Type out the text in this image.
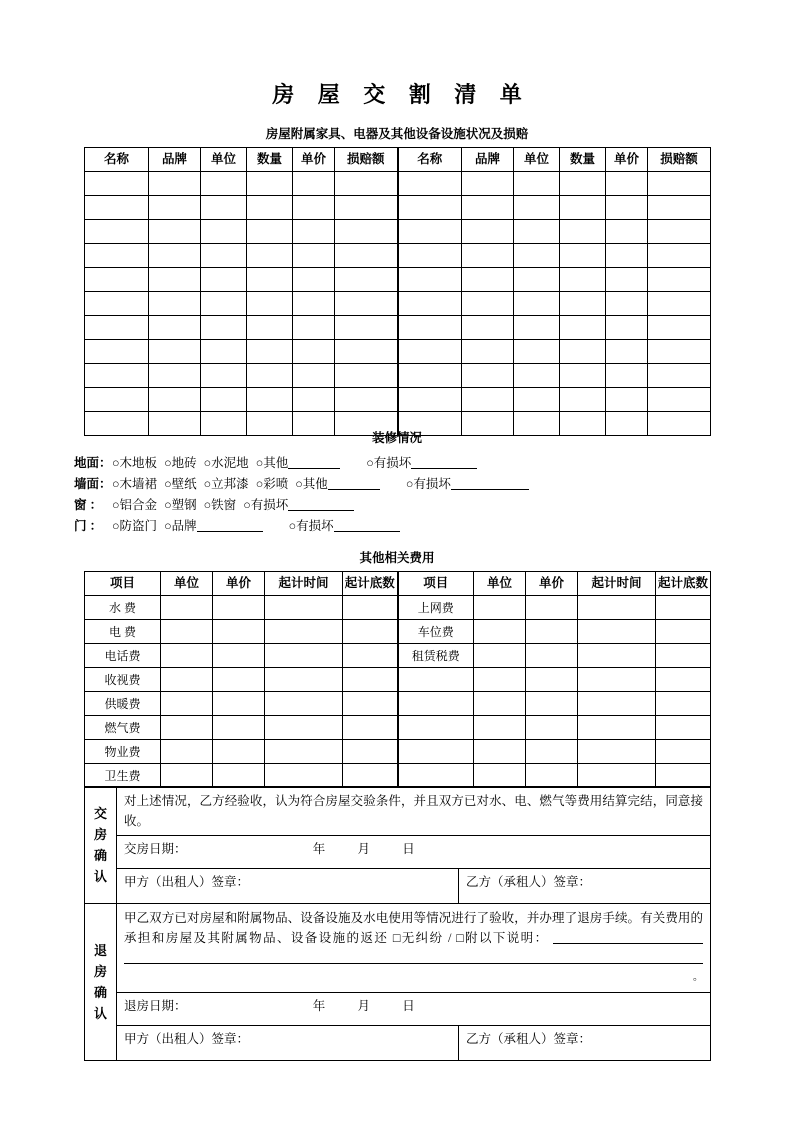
房 屋 交 割 清 单
房屋附属家具、电器及其他设备设施状况及损赔
名称	品牌	单位	数量	单价	损赔额	名称	品牌	单位	数量	单价	损赔额

装修情况
地面：○木地板 ○地砖 ○水泥地 ○其他	○有损坏
墙面：○木墙裙 ○壁纸 ○立邦漆 ○彩喷 ○其他	○有损坏
窗 ： ○铝合金 ○塑钢 ○铁窗 ○有损坏
门 ： ○防盗门 ○品牌	○有损坏
其他相关费用
项目	单位	单价	起计时间	起计底数	项目	单位	单价	起计时间	起计底数
水 费					上网费				
电 费					车位费				
电话费					租赁税费				
收视费									
供暖费									
燃气费									
物业费									
卫生费									
交
房
确
认	对上述情况，乙方经验收，认为符合房屋交验条件，并且双方已对水、电、燃气等费用结算完结，同意接收。	
	交房日期： 年 月 日	
	甲方（出租人）签章：	乙方（承租人）签章：

退
房
确
认	甲乙双方已对房屋和附属物品、设备设施及水电使用等情况进行了验收，并办理了退房手续。有关费用的承担和房屋及其附属物品、设备设施的返还 □无纠纷 / □附以下说明：
。	

	退房日期： 年 月 日	
	甲方（出租人）签章：	乙方（承租人）签章：
